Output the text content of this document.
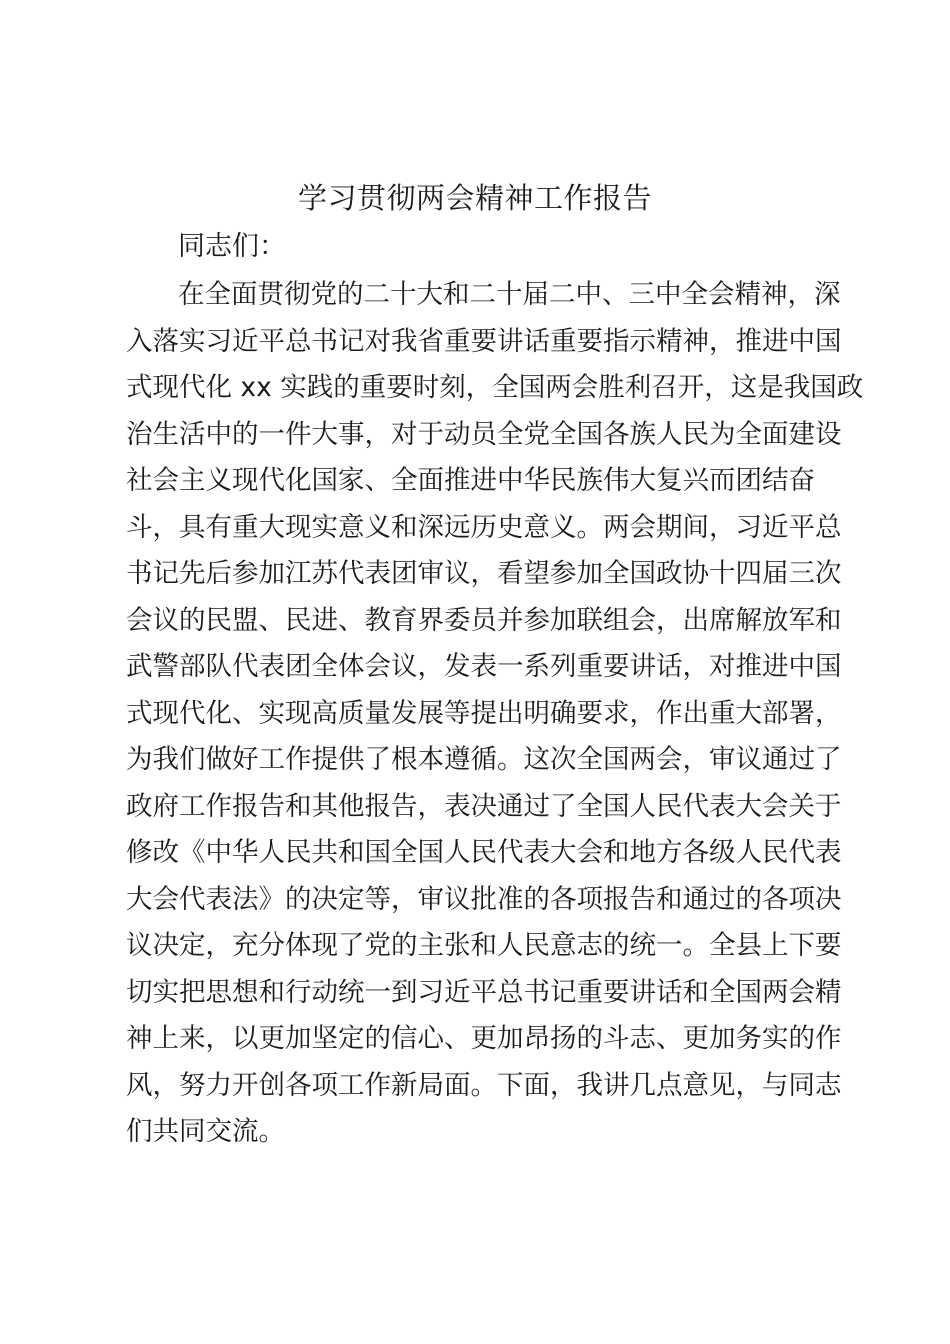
学习贯彻两会精神工作报告
同志们：
在全面贯彻党的二十大和二十届二中、三中全会精神，深
入落实习近平总书记对我省重要讲话重要指示精神，推进中国
式现代化 xx 实践的重要时刻，全国两会胜利召开，这是我国政
治生活中的一件大事，对于动员全党全国各族人民为全面建设
社会主义现代化国家、全面推进中华民族伟大复兴而团结奋
斗，具有重大现实意义和深远历史意义。两会期间，习近平总
书记先后参加江苏代表团审议，看望参加全国政协十四届三次
会议的民盟、民进、教育界委员并参加联组会，出席解放军和
武警部队代表团全体会议，发表一系列重要讲话，对推进中国
式现代化、实现高质量发展等提出明确要求，作出重大部署，
为我们做好工作提供了根本遵循。这次全国两会，审议通过了
政府工作报告和其他报告，表决通过了全国人民代表大会关于
修改《中华人民共和国全国人民代表大会和地方各级人民代表
大会代表法》的决定等，审议批准的各项报告和通过的各项决
议决定，充分体现了党的主张和人民意志的统一。全县上下要
切实把思想和行动统一到习近平总书记重要讲话和全国两会精
神上来，以更加坚定的信心、更加昂扬的斗志、更加务实的作
风，努力开创各项工作新局面。下面，我讲几点意见，与同志
们共同交流。
